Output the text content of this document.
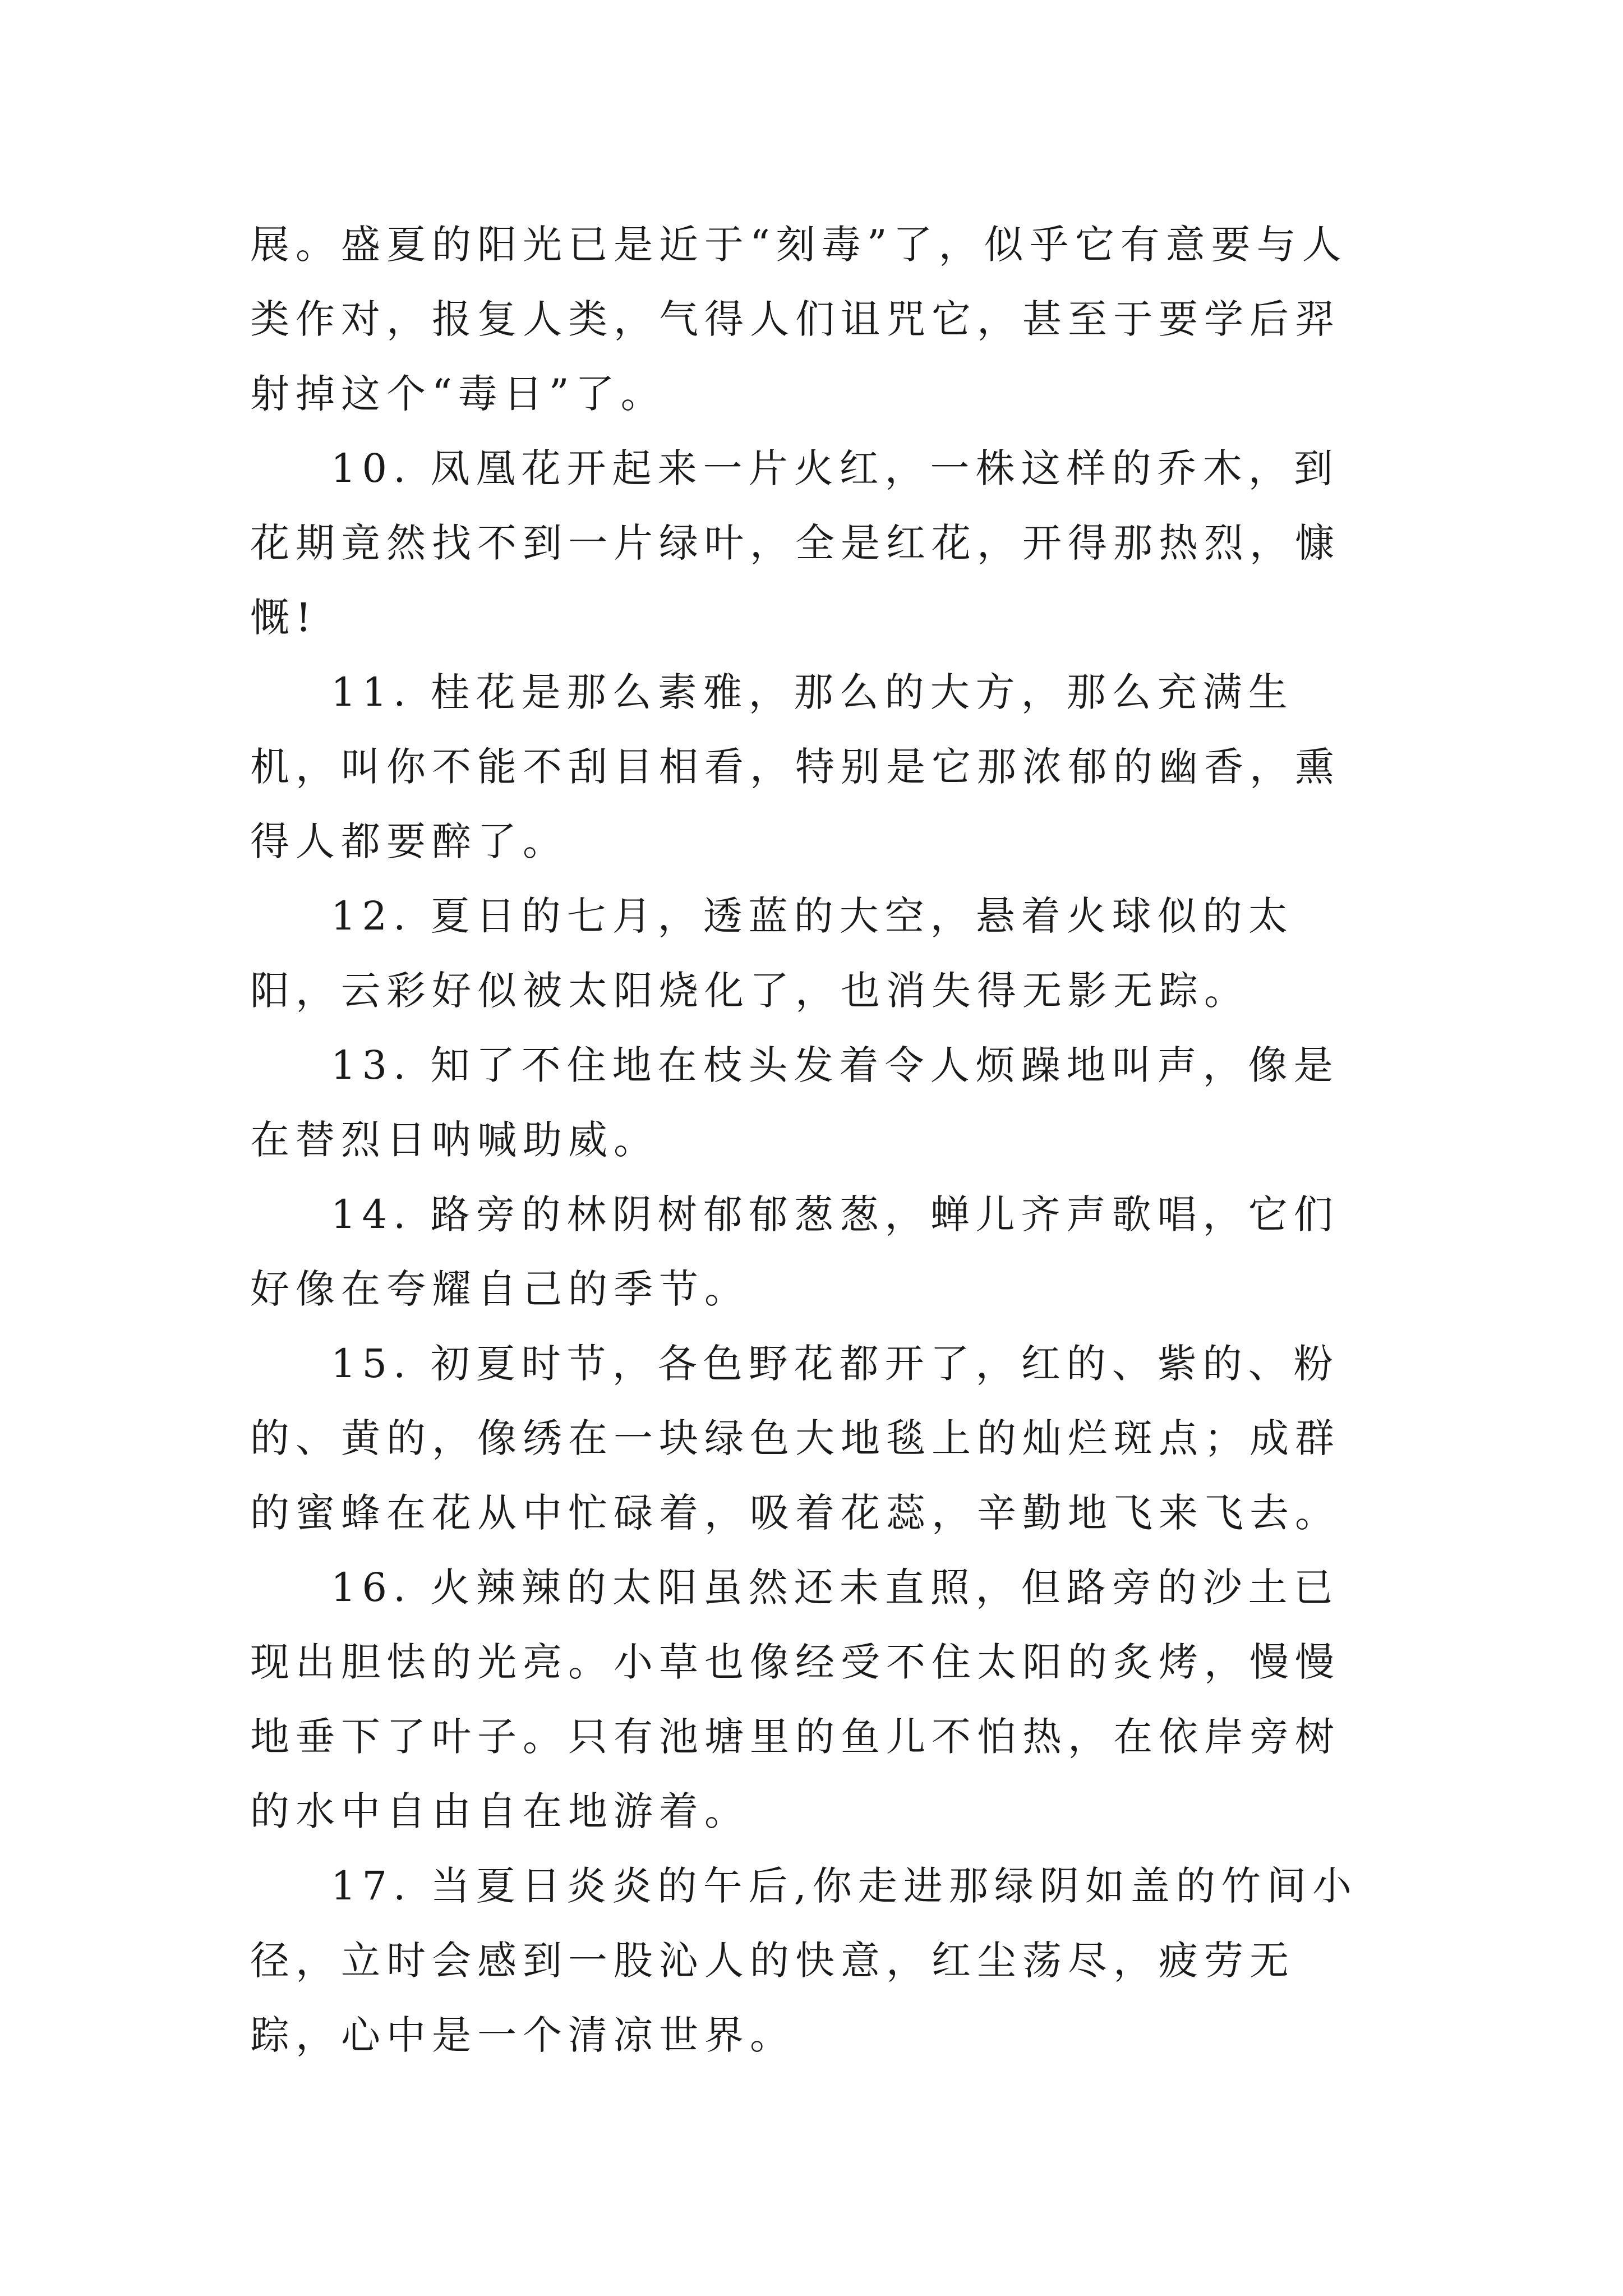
展。盛夏的阳光已是近于“刻毒”了，似乎它有意要与人类作对，报复人类，气得人们诅咒它，甚至于要学后羿射掉这个“毒日”了。

10. 凤凰花开起来一片火红，一株这样的乔木，到花期竟然找不到一片绿叶，全是红花，开得那热烈，慷慨!

11. 桂花是那么素雅，那么的大方，那么充满生机，叫你不能不刮目相看，特别是它那浓郁的幽香，熏得人都要醉了。

12. 夏日的七月，透蓝的大空，悬着火球似的太阳，云彩好似被太阳烧化了，也消失得无影无踪。

13. 知了不住地在枝头发着令人烦躁地叫声，像是在替烈日呐喊助威。

14. 路旁的林阴树郁郁葱葱，蝉儿齐声歌唱，它们好像在夸耀自己的季节。

15. 初夏时节，各色野花都开了，红的、紫的、粉的、黄的，像绣在一块绿色大地毯上的灿烂斑点；成群的蜜蜂在花从中忙碌着，吸着花蕊，辛勤地飞来飞去。

16. 火辣辣的太阳虽然还未直照，但路旁的沙土已现出胆怯的光亮。小草也像经受不住太阳的炙烤，慢慢地垂下了叶子。只有池塘里的鱼儿不怕热，在依岸旁树的水中自由自在地游着。

17. 当夏日炎炎的午后,你走进那绿阴如盖的竹间小径，立时会感到一股沁人的快意，红尘荡尽，疲劳无踪，心中是一个清凉世界。
